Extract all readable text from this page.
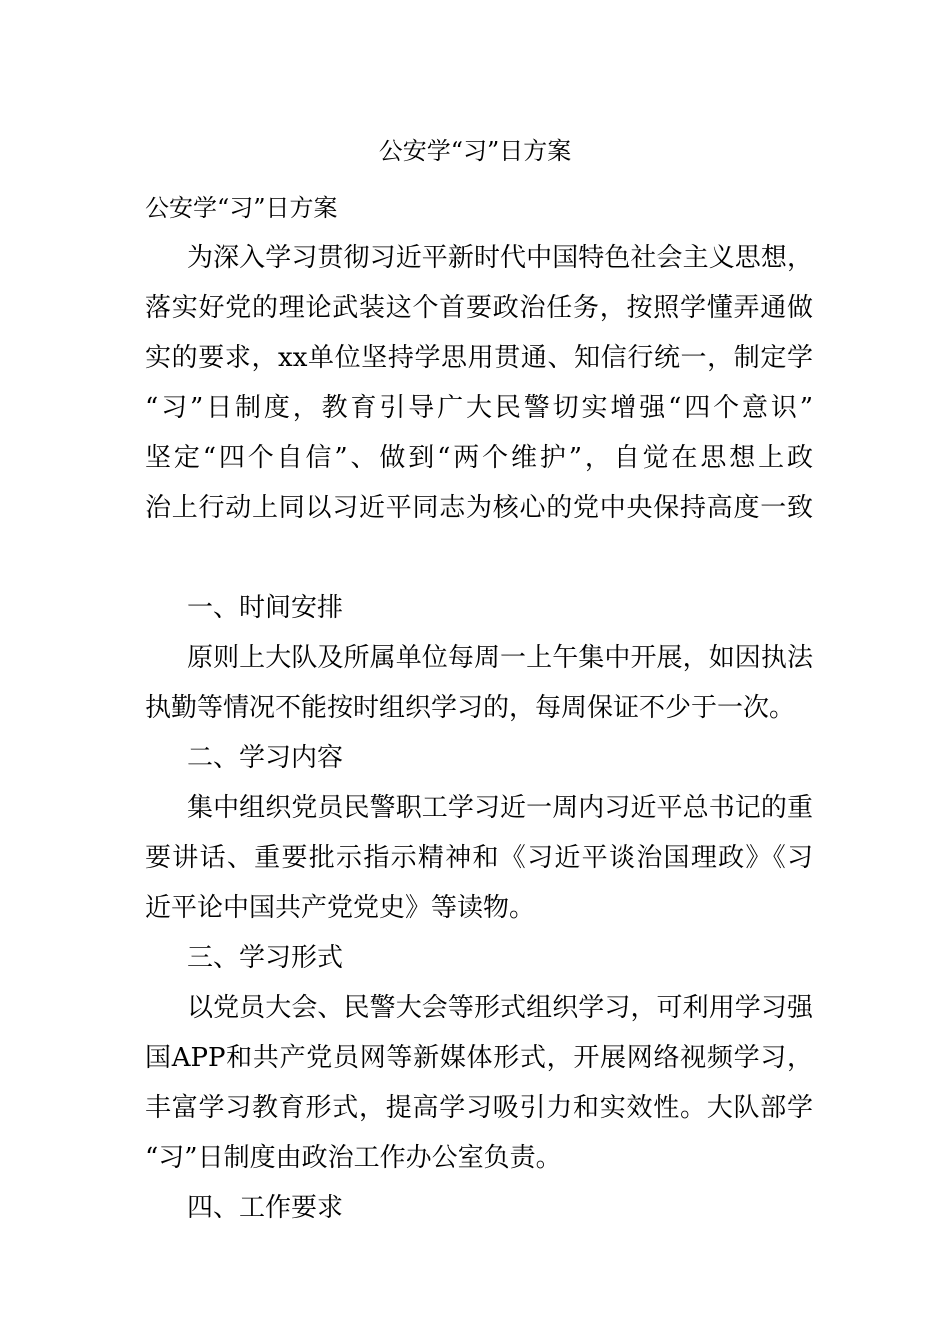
公安学“习”日方案
公安学“习”日方案
为深入学习贯彻习近平新时代中国特色社会主义思想，
落实好党的理论武装这个首要政治任务，按照学懂弄通做
实的要求，xx单位坚持学思用贯通、知信行统一，制定学
“习”日制度，教育引导广大民警切实增强“四个意识”
坚定“四个自信”、做到“两个维护”，自觉在思想上政
治上行动上同以习近平同志为核心的党中央保持高度一致
一、时间安排
原则上大队及所属单位每周一上午集中开展，如因执法
执勤等情况不能按时组织学习的，每周保证不少于一次。
二、学习内容
集中组织党员民警职工学习近一周内习近平总书记的重
要讲话、重要批示指示精神和《习近平谈治国理政》《习
近平论中国共产党党史》等读物。
三、学习形式
以党员大会、民警大会等形式组织学习，可利用学习强
国APP和共产党员网等新媒体形式，开展网络视频学习，
丰富学习教育形式，提高学习吸引力和实效性。大队部学
“习”日制度由政治工作办公室负责。
四、工作要求
